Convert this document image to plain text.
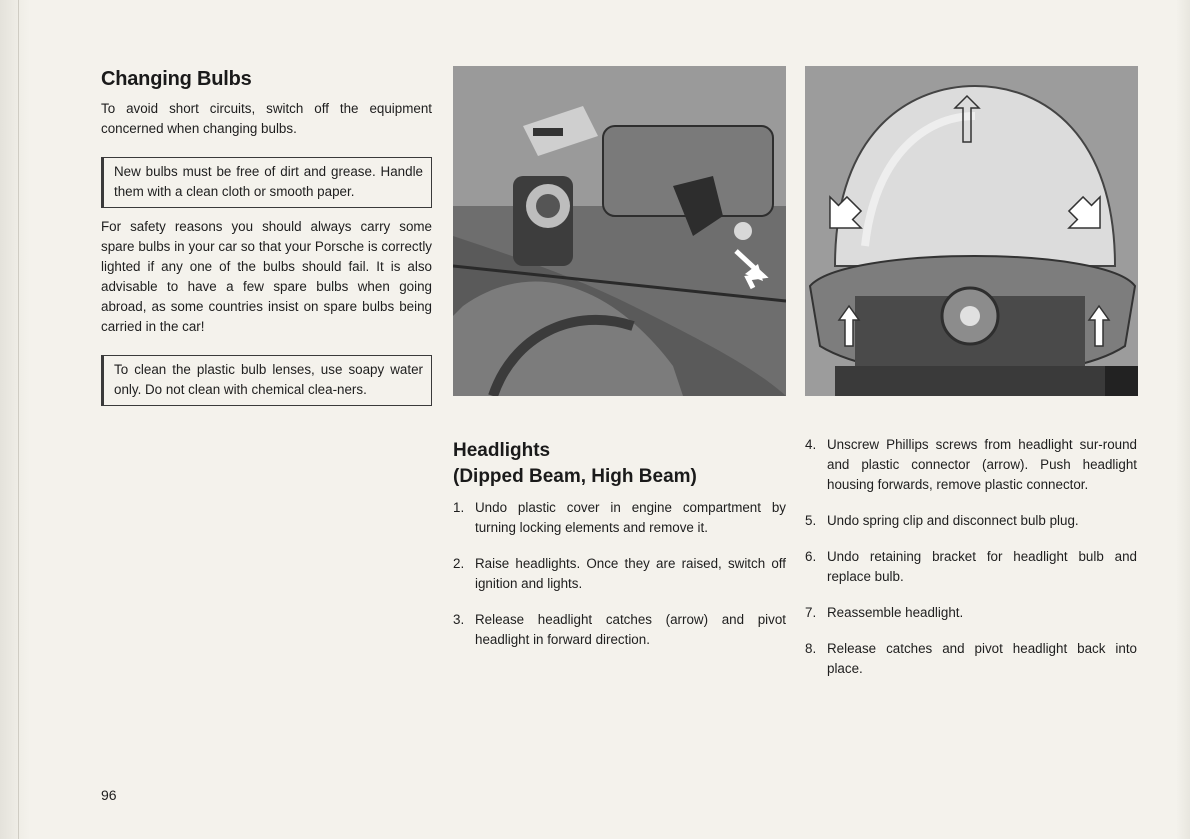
Changing Bulbs

To avoid short circuits, switch off the equipment concerned when changing bulbs.

New bulbs must be free of dirt and grease. Handle them with a clean cloth or smooth paper.

For safety reasons you should always carry some spare bulbs in your car so that your Porsche is correctly lighted if any one of the bulbs should fail. It is also advisable to have a few spare bulbs when going abroad, as some countries insist on spare bulbs being carried in the car!

To clean the plastic bulb lenses, use soapy water only. Do not clean with chemical clea-ners.
Headlights
(Dipped Beam, High Beam)
1. Undo plastic cover in engine compartment by turning locking elements and remove it.
2. Raise headlights. Once they are raised, switch off ignition and lights.
3. Release headlight catches (arrow) and pivot headlight in forward direction.
4. Unscrew Phillips screws from headlight sur-round and plastic connector (arrow). Push headlight housing forwards, remove plastic connector.
5. Undo spring clip and disconnect bulb plug.
6. Undo retaining bracket for headlight bulb and replace bulb.
7. Reassemble headlight.
8. Release catches and pivot headlight back into place.
96
